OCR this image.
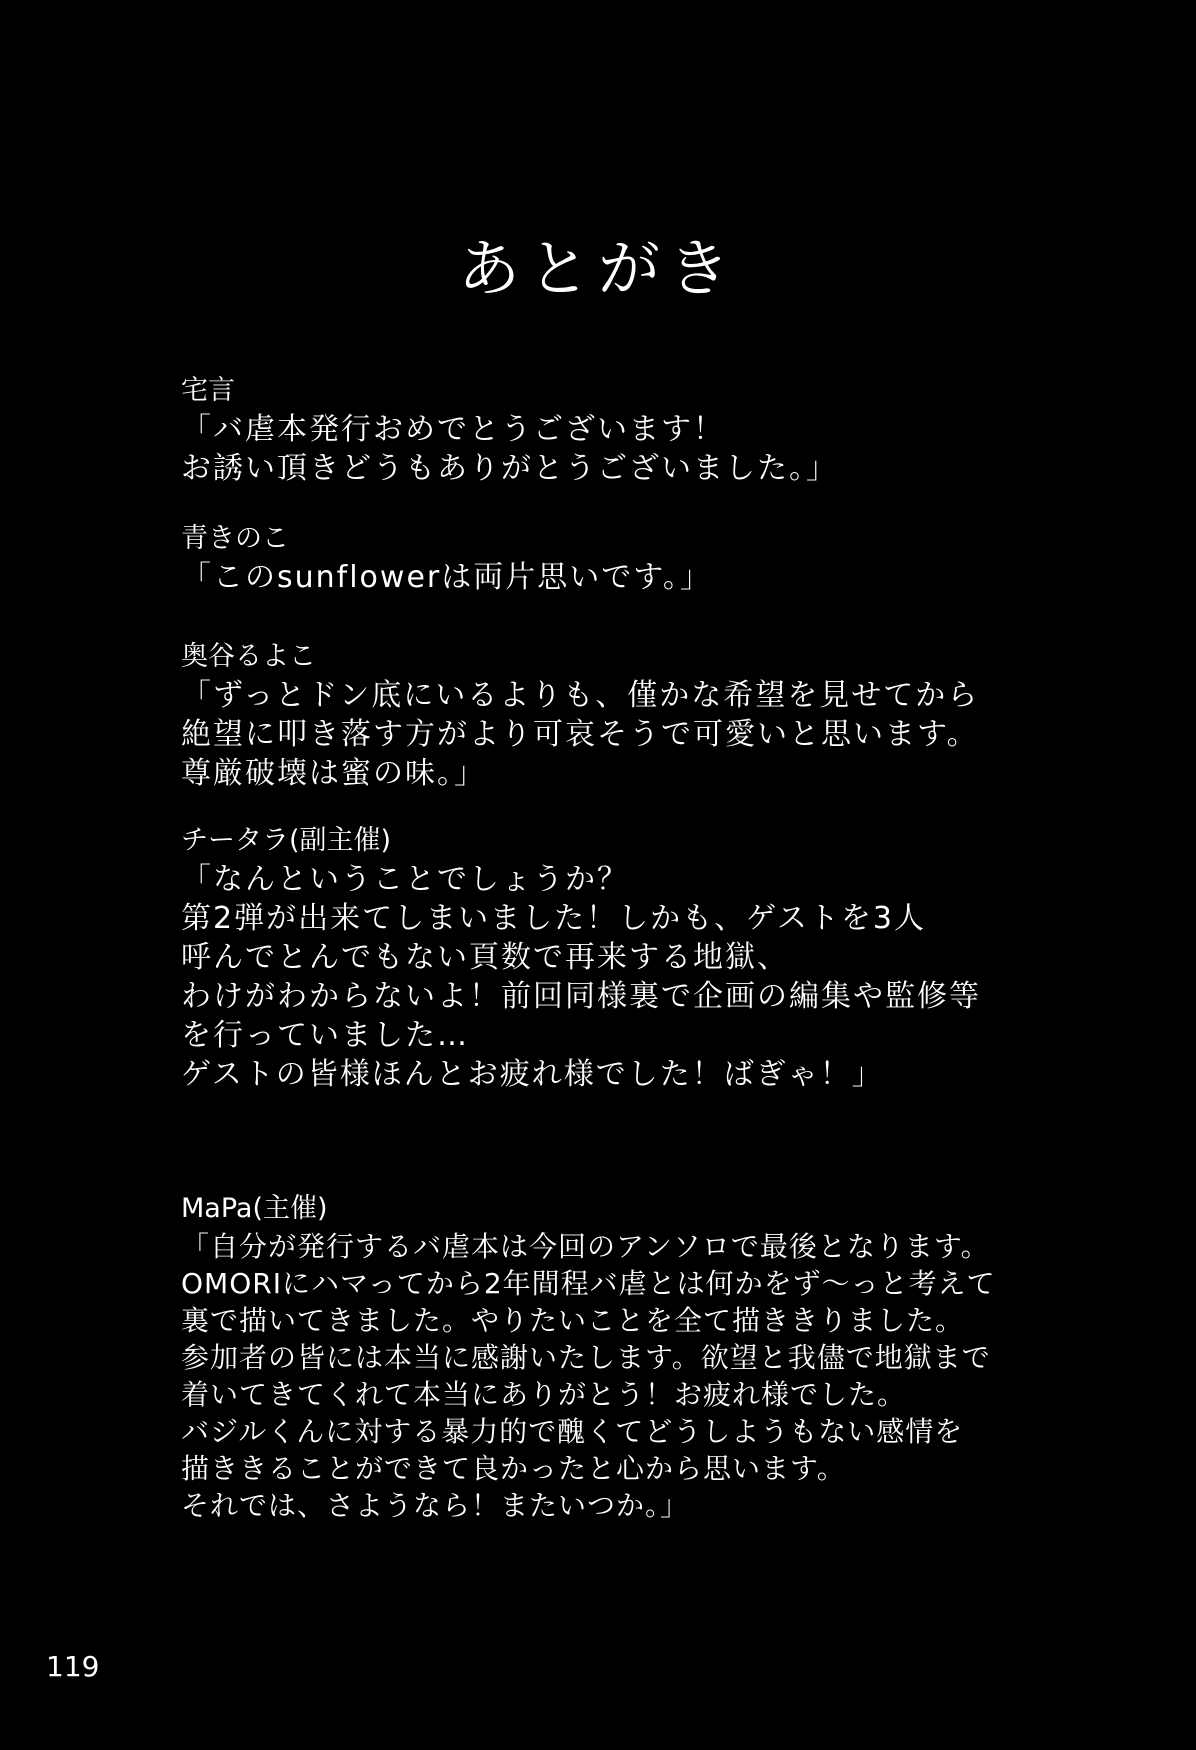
あとがき
宅言
「バ虐本発行おめでとうございます！
お誘い頂きどうもありがとうございました。」
青きのこ
「このsunflowerは両片思いです。」
奥谷るよこ
「ずっとドン底にいるよりも、僅かな希望を見せてから
絶望に叩き落す方がより可哀そうで可愛いと思います。
尊厳破壊は蜜の味。」
チータラ(副主催)
「なんということでしょうか？
第2弾が出来てしまいました！しかも、ゲストを3人
呼んでとんでもない頁数で再来する地獄、
わけがわからないよ！前回同様裏で企画の編集や監修等
を行っていました…
ゲストの皆様ほんとお疲れ様でした！ばぎゃ！」
MaPa(主催)
「自分が発行するバ虐本は今回のアンソロで最後となります。
OMORIにハマってから2年間程バ虐とは何かをず〜っと考えて
裏で描いてきました。やりたいことを全て描ききりました。
参加者の皆には本当に感謝いたします。欲望と我儘で地獄まで
着いてきてくれて本当にありがとう！お疲れ様でした。
バジルくんに対する暴力的で醜くてどうしようもない感情を
描ききることができて良かったと心から思います。
それでは、さようなら！またいつか。」
119
